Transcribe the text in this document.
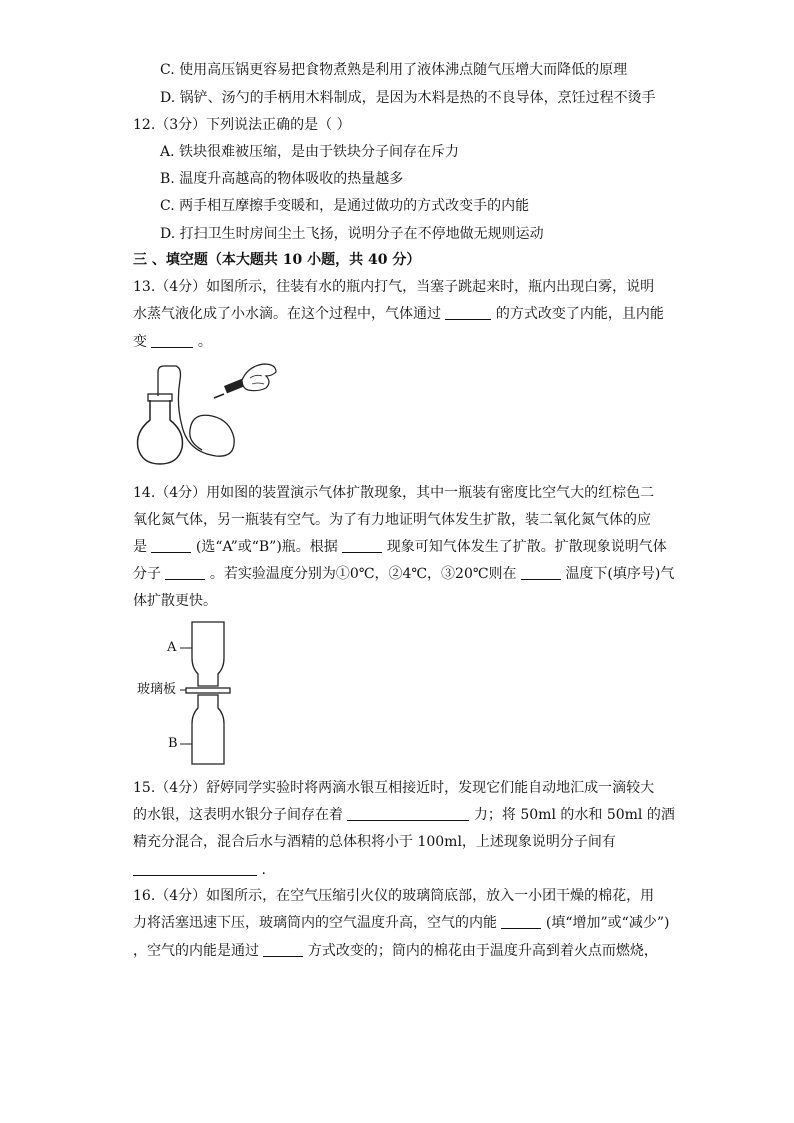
C. 使用高压锅更容易把食物煮熟是利用了液体沸点随气压增大而降低的原理
D. 锅铲、汤勺的手柄用木料制成，是因为木料是热的不良导体，烹饪过程不烫手
12.（3分）下列说法正确的是（ ）
A. 铁块很难被压缩，是由于铁块分子间存在斥力
B. 温度升高越高的物体吸收的热量越多
C. 两手相互摩擦手变暖和，是通过做功的方式改变手的内能
D. 打扫卫生时房间尘土飞扬，说明分子在不停地做无规则运动
三 、填空题（本大题共 10 小题，共 40 分）
13.（4分）如图所示，往装有水的瓶内打气，当塞子跳起来时，瓶内出现白雾，说明
水蒸气液化成了小水滴。在这个过程中，气体通过	的方式改变了内能，且内能
变	。
14.（4分）用如图的装置演示气体扩散现象，其中一瓶装有密度比空气大的红棕色二
氧化氮气体，另一瓶装有空气。为了有力地证明气体发生扩散，装二氧化氮气体的应
是	(选“A”或“B”)瓶。根据	现象可知气体发生了扩散。扩散现象说明气体
分子	。若实验温度分别为①0℃，②4℃，③20℃则在	温度下(填序号)气
体扩散更快。
A
玻璃板
B
15.（4分）舒婷同学实验时将两滴水银互相接近时，发现它们能自动地汇成一滴较大
的水银，这表明水银分子间存在着	力；将 50ml 的水和 50ml 的酒
精充分混合，混合后水与酒精的总体积将小于 100ml，上述现象说明分子间有
.
16.（4分）如图所示，在空气压缩引火仪的玻璃筒底部，放入一小团干燥的棉花，用
力将活塞迅速下压，玻璃筒内的空气温度升高，空气的内能	(填“增加”或“减少”)
，空气的内能是通过	方式改变的；筒内的棉花由于温度升高到着火点而燃烧，
